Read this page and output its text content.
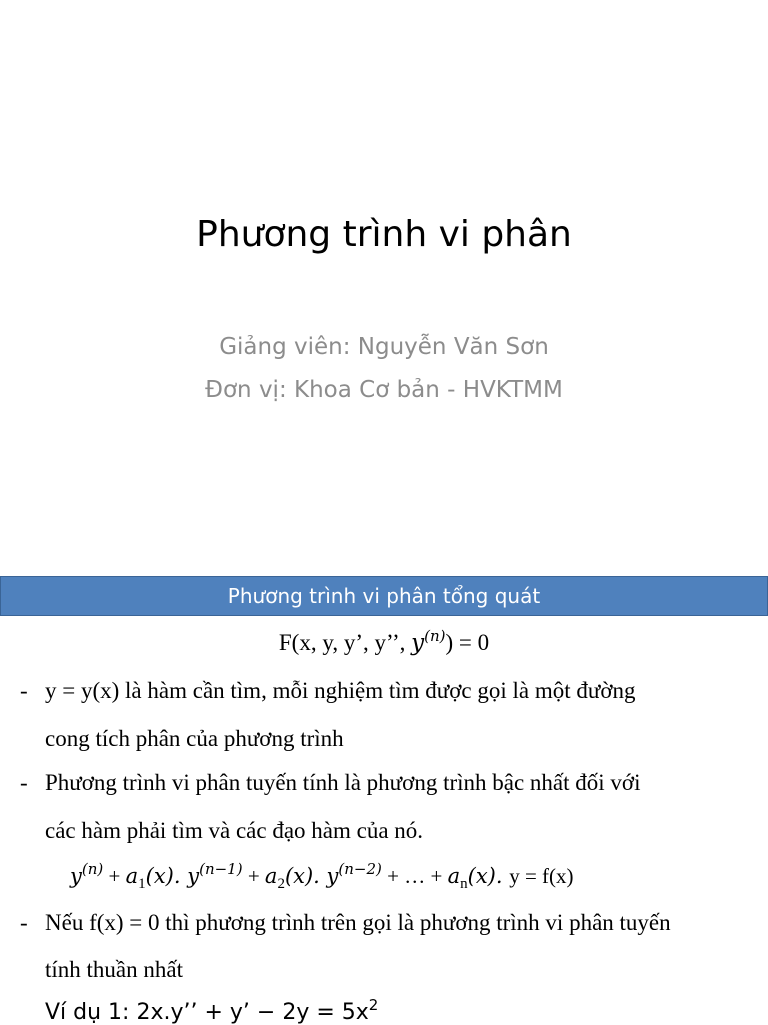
Phương trình vi phân
Giảng viên: Nguyễn Văn Sơn
Đơn vị: Khoa Cơ bản - HVKTMM
Phương trình vi phân tổng quát
F(x, y, y’, y’’, $y^{(n)}) = 0$
- y = y(x) là hàm cần tìm, mỗi nghiệm tìm được gọi là một đường
cong tích phân của phương trình
- Phương trình vi phân tuyến tính là phương trình bậc nhất đối với
các hàm phải tìm và các đạo hàm của nó.
$y^{(n)} + a_1(x)$. $y^{(n-1)} + a_2(x)$. $y^{(n-2)}$ + … + $a_n(x)$. y = f(x)
- Nếu f(x) = 0 thì phương trình trên gọi là phương trình vi phân tuyến
tính thuần nhất
Ví dụ 1: 2x.y’’ + y’ − $2y = 5x^2$
